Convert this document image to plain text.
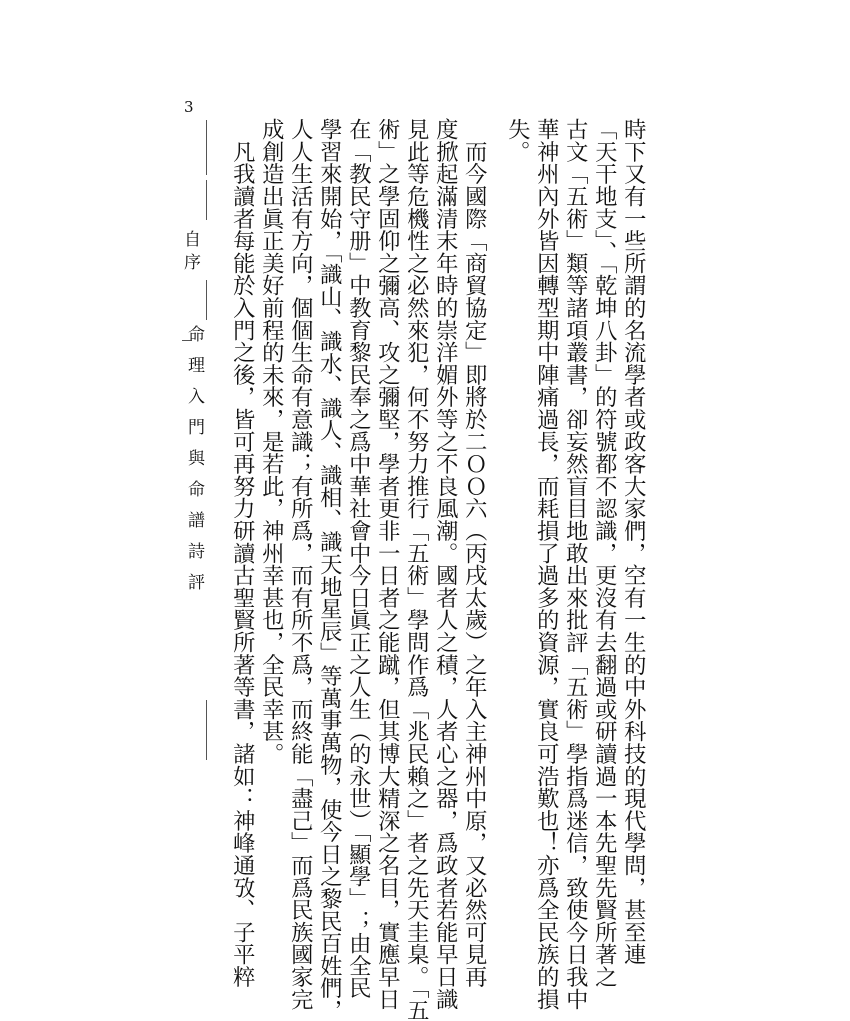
3
自序
命理入門與命譜詩評	時下又有一些所謂的名流學者或政客大家們，空有一生的中外科技的現代學問，甚至連
「天干地支」、「乾坤八卦」的符號都不認識，更沒有去翻過或研讀過一本先聖先賢所著之
古文「五術」類等諸項叢書，卻妄然盲目地敢出來批評「五術」學指爲迷信，致使今日我中
華神州內外皆因轉型期中陣痛過長，而耗損了過多的資源，實良可浩歎也！亦爲全民族的損
失。
　而今國際「商貿協定」即將於二ＯＯ六（丙戌太歲）之年入主神州中原，又必然可見再
度掀起滿清末年時的崇洋媚外等之不良風潮。國者人之積，人者心之器，爲政者若能早日識
見此等危機性之必然來犯，何不努力推行「五術」學問作爲「兆民賴之」者之先天圭臬。「五
術」之學固仰之彌高、攻之彌堅，學者更非一日者之能蹴，但其博大精深之名目，實應早日
在「教民守册」中教育黎民奉之爲中華社會中今日眞正之人生（的永世）「顯學」；由全民
學習來開始，「識山、識水、識人、識相、識天地星辰」等萬事萬物，使今日之黎民百姓們，
人人生活有方向，個個生命有意識；有所爲，而有所不爲，而終能「盡己」而爲民族國家完
成創造出眞正美好前程的未來，是若此，神州幸甚也，全民幸甚。
　凡我讀者每能於入門之後，皆可再努力研讀古聖賢所著等書，諸如：神峰通攷、子平粹
